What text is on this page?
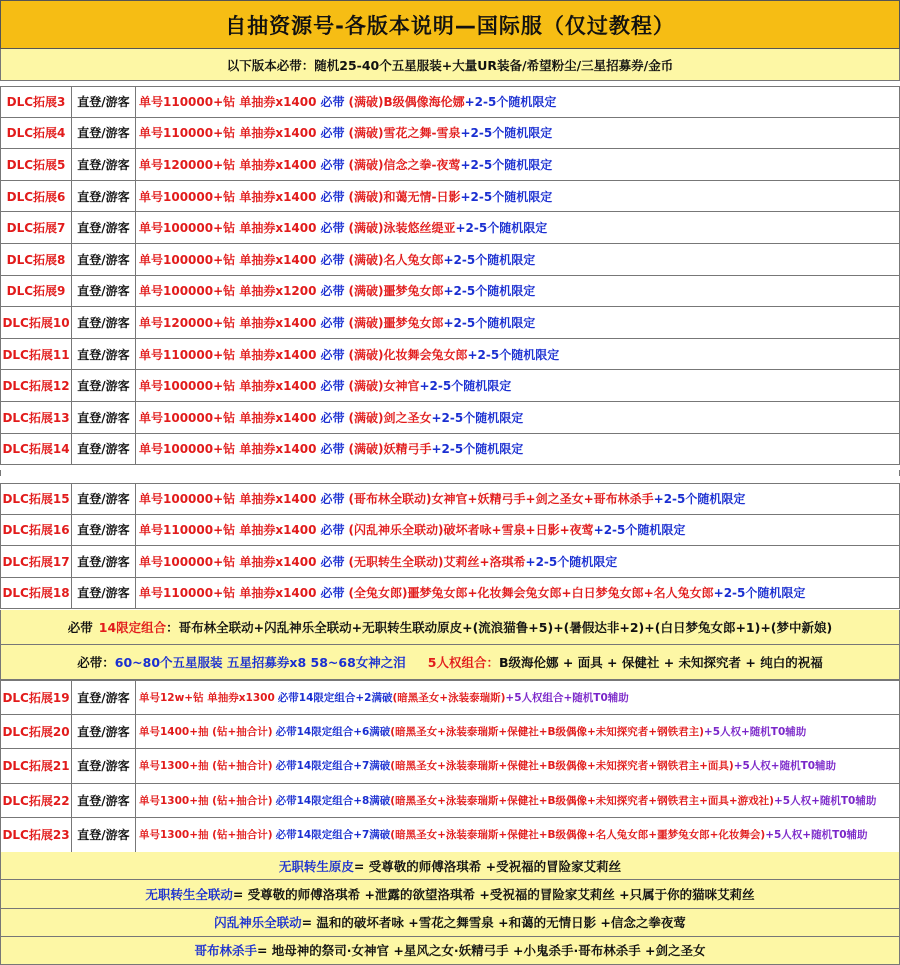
自抽资源号-各版本说明—国际服（仅过教程）
以下版本必带：随机25-40个五星服装+大量UR装备/希望粉尘/三星招募券/金币
DLC拓展3 直登/游客 单号110000+钻 单抽券x1400 必带 (满破)B级偶像海伦娜 +2-5个随机限定
DLC拓展4 直登/游客 单号110000+钻 单抽券x1400 必带 (满破)雪花之舞-雪泉 +2-5个随机限定
DLC拓展5 直登/游客 单号120000+钻 单抽券x1400 必带 (满破)信念之拳-夜莺 +2-5个随机限定
DLC拓展6 直登/游客 单号100000+钻 单抽券x1400 必带 (满破)和蔼无情-日影 +2-5个随机限定
DLC拓展7 直登/游客 单号100000+钻 单抽券x1400 必带 (满破)泳装悠丝缇亚 +2-5个随机限定
DLC拓展8 直登/游客 单号100000+钻 单抽券x1400 必带 (满破)名人兔女郎 +2-5个随机限定
DLC拓展9 直登/游客 单号100000+钻 单抽券x1200 必带 (满破)噩梦兔女郎 +2-5个随机限定
DLC拓展10 直登/游客 单号120000+钻 单抽券x1400 必带 (满破)噩梦兔女郎 +2-5个随机限定
DLC拓展11 直登/游客 单号110000+钻 单抽券x1400 必带 (满破)化妆舞会兔女郎 +2-5个随机限定
DLC拓展12 直登/游客 单号100000+钻 单抽券x1400 必带 (满破)女神官 +2-5个随机限定
DLC拓展13 直登/游客 单号100000+钻 单抽券x1400 必带 (满破)剑之圣女 +2-5个随机限定
DLC拓展14 直登/游客 单号100000+钻 单抽券x1400 必带 (满破)妖精弓手 +2-5个随机限定
DLC拓展15 直登/游客 单号100000+钻 单抽券x1400 必带 (哥布林全联动)女神官+妖精弓手+剑之圣女+哥布林杀手 +2-5个随机限定
DLC拓展16 直登/游客 单号110000+钻 单抽券x1400 必带 (闪乱神乐全联动)破坏者咏+雪泉+日影+夜莺 +2-5个随机限定
DLC拓展17 直登/游客 单号100000+钻 单抽券x1400 必带 (无职转生全联动)艾莉丝+洛琪希 +2-5个随机限定
DLC拓展18 直登/游客 单号110000+钻 单抽券x1400 必带 (全兔女郎)噩梦兔女郎+化妆舞会兔女郎+白日梦兔女郎+名人兔女郎 +2-5个随机限定
必带 14限定组合 ：哥布林全联动+闪乱神乐全联动+无职转生联动原皮+(流浪猫鲁+5)+(暑假达非+2)+(白日梦兔女郎+1)+(梦中新娘)
必带： 60~80个五星服装 五星招募券x8 58~68女神之泪 5人权组合： B级海伦娜 + 面具 + 保健社 + 未知探究者 + 纯白的祝福
DLC拓展19 直登/游客 单号12w+钻 单抽券x1300 必带14限定组合+2满破 (暗黑圣女+泳装泰瑞斯) +5人权组合+随机T0辅助
DLC拓展20 直登/游客 单号1400+抽 (钻+抽合计) 必带14限定组合+6满破 (暗黑圣女+泳装泰瑞斯+保健社+B级偶像+未知探究者+钢铁君主) +5人权+随机T0辅助
DLC拓展21 直登/游客 单号1300+抽 (钻+抽合计) 必带14限定组合+7满破 (暗黑圣女+泳装泰瑞斯+保健社+B级偶像+未知探究者+钢铁君主+面具) +5人权+随机T0辅助
DLC拓展22 直登/游客 单号1300+抽 (钻+抽合计) 必带14限定组合+8满破 (暗黑圣女+泳装泰瑞斯+保健社+B级偶像+未知探究者+钢铁君主+面具+游戏社) +5人权+随机T0辅助
DLC拓展23 直登/游客 单号1300+抽 (钻+抽合计) 必带14限定组合+7满破 (暗黑圣女+泳装泰瑞斯+保健社+B级偶像+名人兔女郎+噩梦兔女郎+化妆舞会) +5人权+随机T0辅助
无职转生原皮 = 受尊敬的师傅洛琪希 +受祝福的冒险家艾莉丝
无职转生全联动 = 受尊敬的师傅洛琪希 +泄露的欲望洛琪希 +受祝福的冒险家艾莉丝 +只属于你的猫咪艾莉丝
闪乱神乐全联动 = 温和的破坏者咏 +雪花之舞雪泉 +和蔼的无情日影 +信念之拳夜莺
哥布林杀手 = 地母神的祭司·女神官 +星风之女·妖精弓手 +小鬼杀手·哥布林杀手 +剑之圣女
